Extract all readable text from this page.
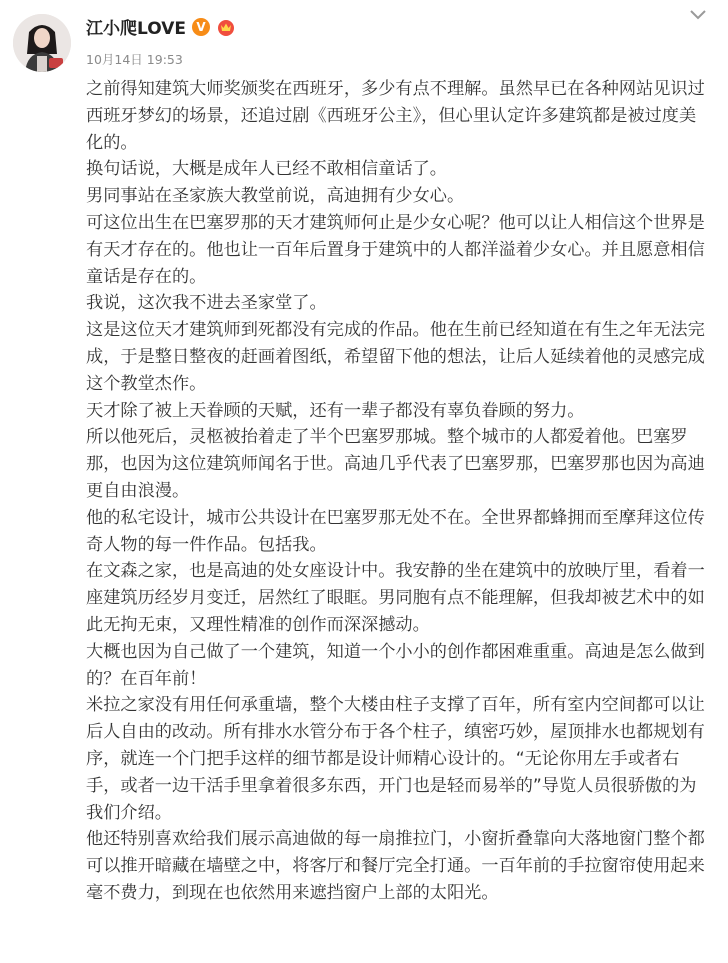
江小爬LOVE V
10月14日 19:53

之前得知建筑大师奖颁奖在西班牙，多少有点不理解。虽然早已在各种网站见识过西班牙梦幻的场景，还追过剧《西班牙公主》，但心里认定许多建筑都是被过度美化的。

换句话说，大概是成年人已经不敢相信童话了。

男同事站在圣家族大教堂前说，高迪拥有少女心。

可这位出生在巴塞罗那的天才建筑师何止是少女心呢？他可以让人相信这个世界是有天才存在的。他也让一百年后置身于建筑中的人都洋溢着少女心。并且愿意相信童话是存在的。

我说，这次我不进去圣家堂了。

这是这位天才建筑师到死都没有完成的作品。他在生前已经知道在有生之年无法完成，于是整日整夜的赶画着图纸，希望留下他的想法，让后人延续着他的灵感完成这个教堂杰作。

天才除了被上天眷顾的天赋，还有一辈子都没有辜负眷顾的努力。

所以他死后，灵柩被抬着走了半个巴塞罗那城。整个城市的人都爱着他。巴塞罗那，也因为这位建筑师闻名于世。高迪几乎代表了巴塞罗那，巴塞罗那也因为高迪更自由浪漫。

他的私宅设计，城市公共设计在巴塞罗那无处不在。全世界都蜂拥而至摩拜这位传奇人物的每一件作品。包括我。

在文森之家，也是高迪的处女座设计中。我安静的坐在建筑中的放映厅里，看着一座建筑历经岁月变迁，居然红了眼眶。男同胞有点不能理解，但我却被艺术中的如此无拘无束，又理性精准的创作而深深撼动。

大概也因为自己做了一个建筑，知道一个小小的创作都困难重重。高迪是怎么做到的？在百年前！

米拉之家没有用任何承重墙，整个大楼由柱子支撑了百年，所有室内空间都可以让后人自由的改动。所有排水水管分布于各个柱子，缜密巧妙，屋顶排水也都规划有序，就连一个门把手这样的细节都是设计师精心设计的。“无论你用左手或者右手，或者一边干活手里拿着很多东西，开门也是轻而易举的”导览人员很骄傲的为我们介绍。

他还特别喜欢给我们展示高迪做的每一扇推拉门，小窗折叠靠向大落地窗门整个都可以推开暗藏在墙壁之中，将客厅和餐厅完全打通。一百年前的手拉窗帘使用起来毫不费力，到现在也依然用来遮挡窗户上部的太阳光。
